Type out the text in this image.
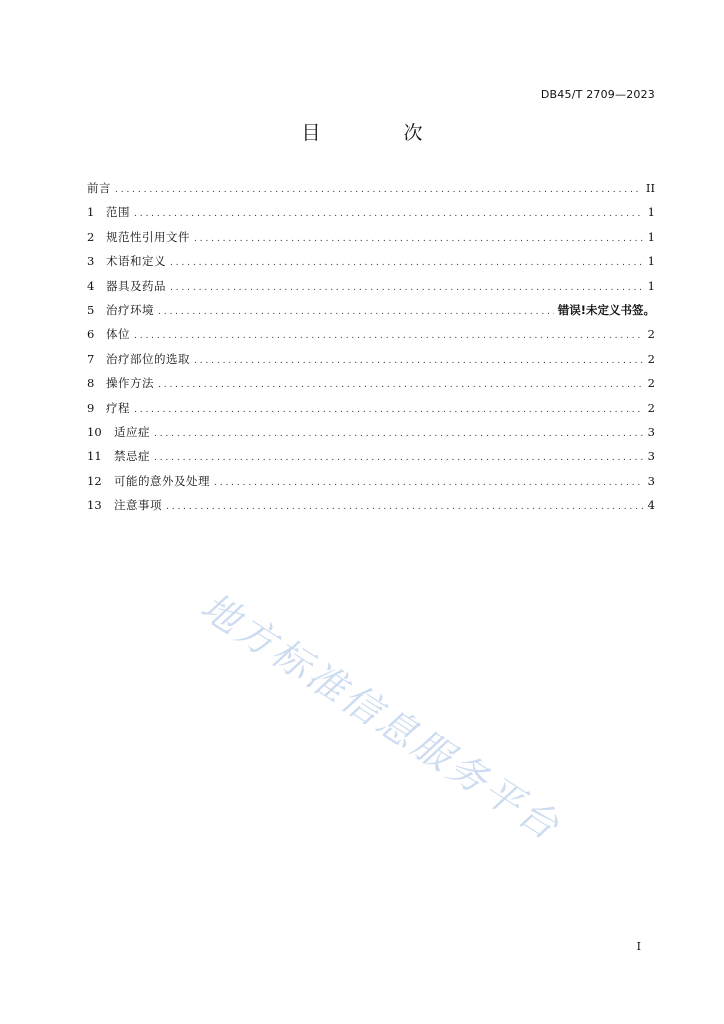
DB45/T 2709—2023
目　次
前言 . . .	II
1	范围 . . .	1
2	规范性引用文件 . . .	1
3	术语和定义 . . .	1
4	器具及药品 . . .	1
5	治疗环境 . . .	错误!未定义书签。
6	体位 . . .	2
7	治疗部位的选取 . . .	2
8	操作方法 . . .	2
9	疗程 . . .	2
10	适应症 . . .	3
11	禁忌症 . . .	3
12	可能的意外及处理 . . .	3
13	注意事项 . . .	4
地方标准信息服务平台
I
